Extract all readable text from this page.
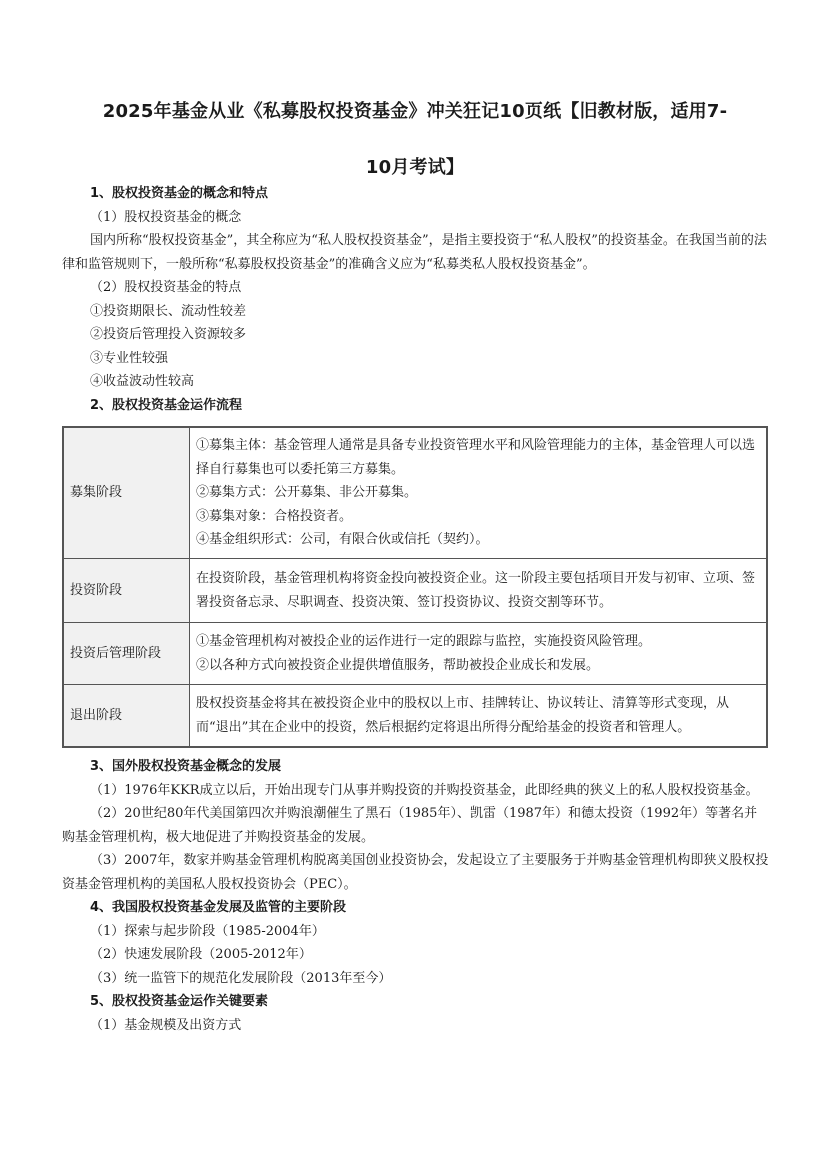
2025年基金从业《私募股权投资基金》冲关狂记10页纸【旧教材版，适用7-
10月考试】
1、股权投资基金的概念和特点

（1）股权投资基金的概念

国内所称“股权投资基金”，其全称应为“私人股权投资基金”，是指主要投资于“私人股权”的投资基金。在我国当前的法律和监管规则下，一般所称“私募股权投资基金”的准确含义应为“私募类私人股权投资基金”。

（2）股权投资基金的特点

①投资期限长、流动性较差

②投资后管理投入资源较多

③专业性较强

④收益波动性较高

2、股权投资基金运作流程
募集阶段	①募集主体：基金管理人通常是具备专业投资管理水平和风险管理能力的主体，基金管理人可以选择自行募集也可以委托第三方募集。
②募集方式：公开募集、非公开募集。
③募集对象：合格投资者。
④基金组织形式：公司，有限合伙或信托（契约）。

投资阶段	在投资阶段，基金管理机构将资金投向被投资企业。这一阶段主要包括项目开发与初审、立项、签署投资备忘录、尽职调查、投资决策、签订投资协议、投资交割等环节。

投资后管理阶段	①基金管理机构对被投企业的运作进行一定的跟踪与监控，实施投资风险管理。
②以各种方式向被投资企业提供增值服务，帮助被投企业成长和发展。

退出阶段	股权投资基金将其在被投资企业中的股权以上市、挂牌转让、协议转让、清算等形式变现，从而“退出”其在企业中的投资，然后根据约定将退出所得分配给基金的投资者和管理人。
3、国外股权投资基金概念的发展

（1）1976年KKR成立以后，开始出现专门从事并购投资的并购投资基金，此即经典的狭义上的私人股权投资基金。

（2）20世纪80年代美国第四次并购浪潮催生了黑石（1985年）、凯雷（1987年）和德太投资（1992年）等著名并购基金管理机构，极大地促进了并购投资基金的发展。

（3）2007年，数家并购基金管理机构脱离美国创业投资协会，发起设立了主要服务于并购基金管理机构即狭义股权投资基金管理机构的美国私人股权投资协会（PEC）。

4、我国股权投资基金发展及监管的主要阶段

（1）探索与起步阶段（1985-2004年）

（2）快速发展阶段（2005-2012年）

（3）统一监管下的规范化发展阶段（2013年至今）

5、股权投资基金运作关键要素

（1）基金规模及出资方式
